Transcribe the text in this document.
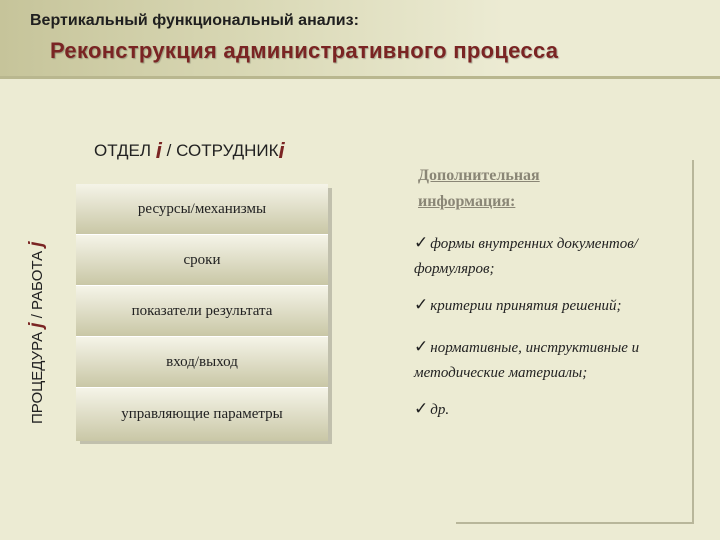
Вертикальный функциональный анализ:
Реконструкция административного процесса
ОТДЕЛ i / СОТРУДНИКi
ПРОЦЕДУРА j / РАБОТА j
ресурсы/механизмы
сроки
показатели результата
вход/выход
управляющие параметры
Дополнительная информация:
✓ формы внутренних документов/формуляров;
✓ критерии принятия решений;
✓ нормативные, инструктивные и методические материалы;
✓ др.
